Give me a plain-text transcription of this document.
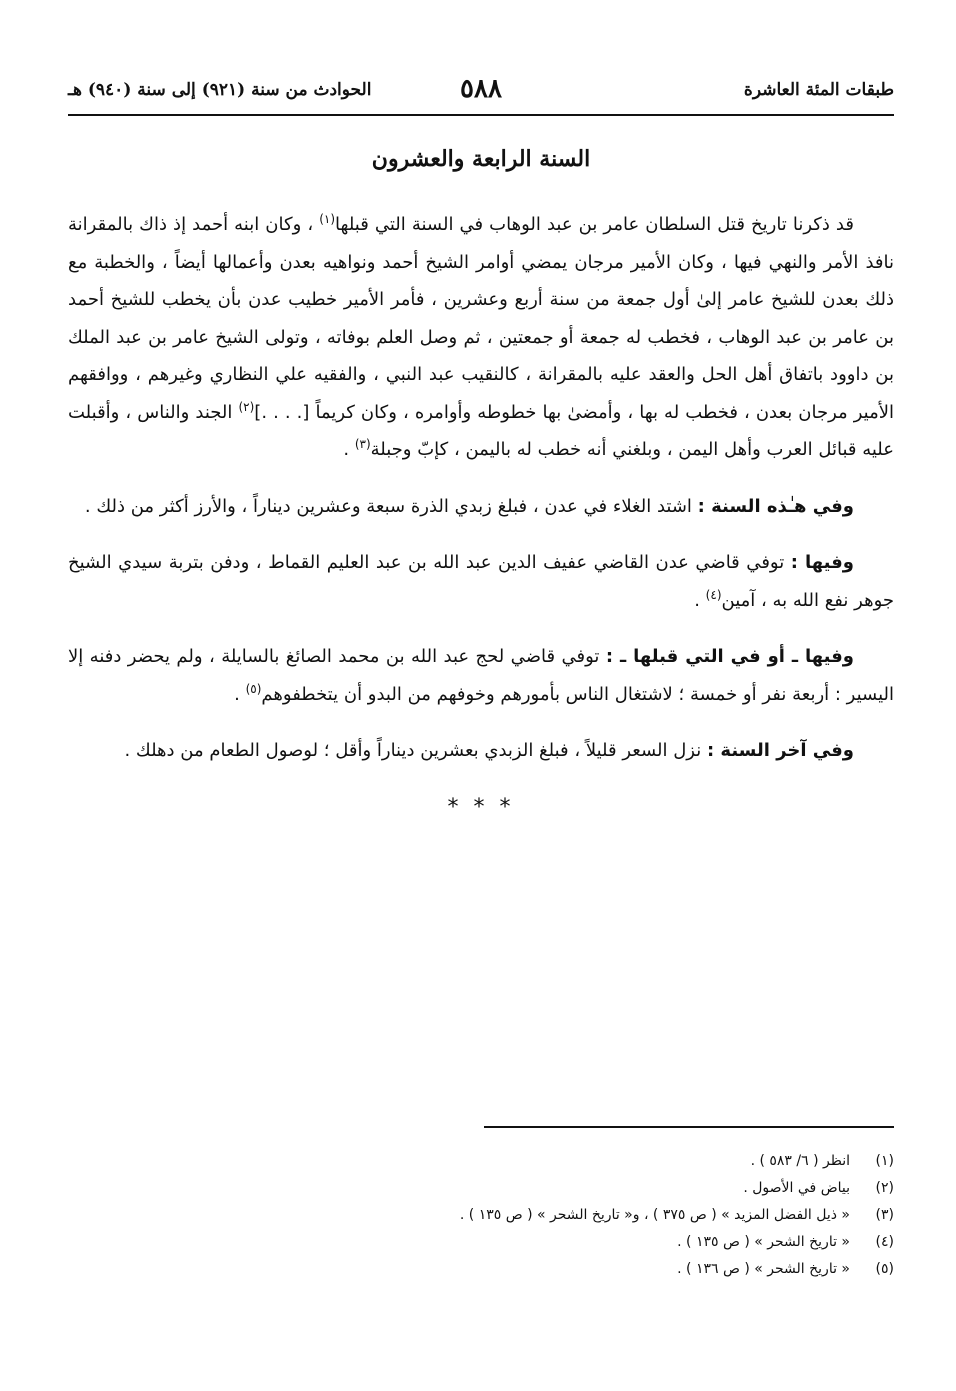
طبقات المئة العاشرة
٥٨٨
الحوادث من سنة (٩٢١) إلى سنة (٩٤٠) هـ
السنة الرابعة والعشرون

قد ذكرنا تاريخ قتل السلطان عامر بن عبد الوهاب في السنة التي قبلها$^{(١)}$ ، وكان ابنه أحمد إذ ذاك بالمقرانة نافذ الأمر والنهي فيها ، وكان الأمير مرجان يمضي أوامر الشيخ أحمد ونواهيه بعدن وأعمالها أيضاً ، والخطبة مع ذلك بعدن للشيخ عامر إلىٰ أول جمعة من سنة أربع وعشرين ، فأمر الأمير خطيب عدن بأن يخطب للشيخ أحمد بن عامر بن عبد الوهاب ، فخطب له جمعة أو جمعتين ، ثم وصل العلم بوفاته ، وتولى الشيخ عامر بن عبد الملك بن داوود باتفاق أهل الحل والعقد عليه بالمقرانة ، كالنقيب عبد النبي ، والفقيه علي النظاري وغيرهم ، ووافقهم الأمير مرجان بعدن ، فخطب له بها ، وأمضىٰ بها خطوطه وأوامره ، وكان كريماً [. . . .]$^{(٢)}$ الجند والناس ، وأقبلت عليه قبائل العرب وأهل اليمن ، وبلغني أنه خطب له باليمن ، كإبّ وجبلة$^{(٣)}$ .

وفي هـٰذه السنة : اشتد الغلاء في عدن ، فبلغ زبدي الذرة سبعة وعشرين ديناراً ، والأرز أكثر من ذلك .

وفيها : توفي قاضي عدن القاضي عفيف الدين عبد الله بن عبد العليم القماط ، ودفن بتربة سيدي الشيخ جوهر نفع الله به ، آمين$^{(٤)}$ .

وفيها ـ أو في التي قبلها ـ : توفي قاضي لحج عبد الله بن محمد الصائغ بالسايلة ، ولم يحضر دفنه إلا اليسير : أربعة نفر أو خمسة ؛ لاشتغال الناس بأمورهم وخوفهم من البدو أن يتخطفوهم$^{(٥)}$ .

وفي آخر السنة : نزل السعر قليلاً ، فبلغ الزبدي بعشرين ديناراً وأقل ؛ لوصول الطعام من دهلك .

* * *
(١)انظر ( ٦/ ٥٨٣ ) .
(٢)بياض في الأصول .
(٣)« ذيل الفضل المزيد » ( ص ٣٧٥ ) ، و« تاريخ الشحر » ( ص ١٣٥ ) .
(٤)« تاريخ الشحر » ( ص ١٣٥ ) .
(٥)« تاريخ الشحر » ( ص ١٣٦ ) .
